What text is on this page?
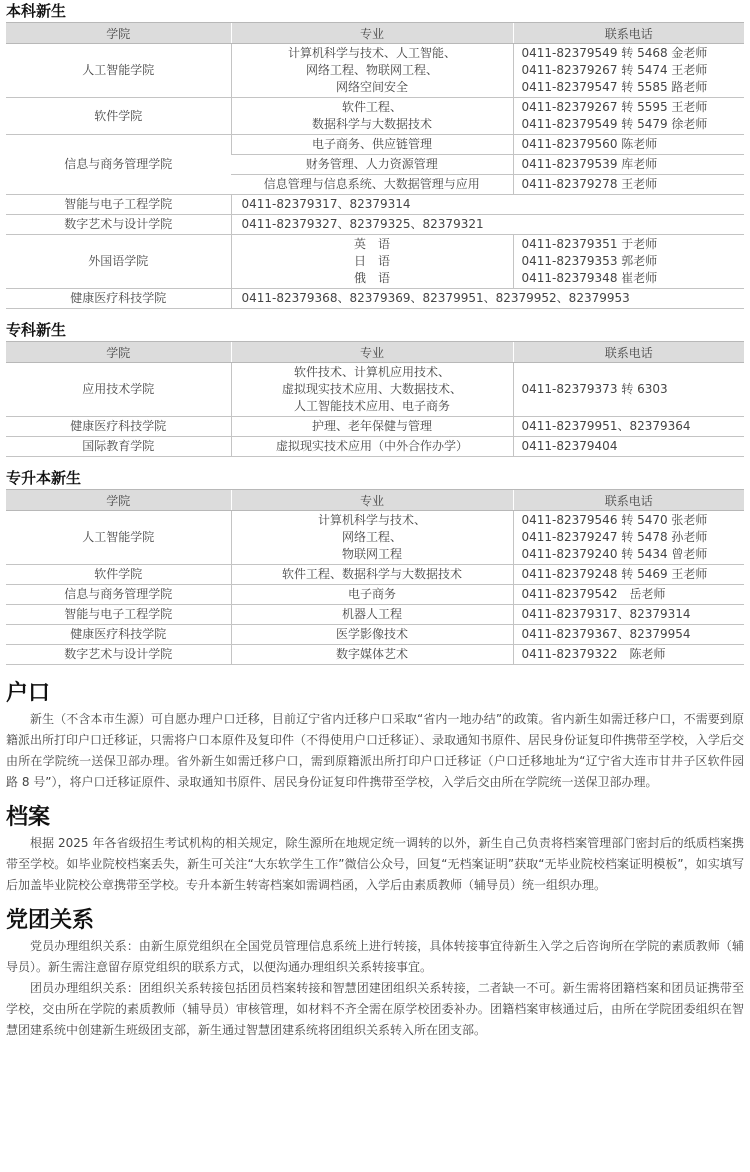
本科新生
学院	专业	联系电话
人工智能学院	计算机科学与技术、人工智能、
网络工程、物联网工程、
网络空间安全	0411-82379549 转 5468 金老师
0411-82379267 转 5474 王老师
0411-82379547 转 5585 路老师

软件学院	软件工程、
数据科学与大数据技术	0411-82379267 转 5595 王老师
0411-82379549 转 5479 徐老师

信息与商务管理学院	电子商务、供应链管理	0411-82379560 陈老师
	财务管理、人力资源管理	0411-82379539 库老师
	信息管理与信息系统、大数据管理与应用	0411-82379278 王老师
智能与电子工程学院	0411-82379317、82379314	
数字艺术与设计学院	0411-82379327、82379325、82379321	
外国语学院	英　语
日　语
俄　语	0411-82379351 于老师
0411-82379353 郭老师
0411-82379348 崔老师

健康医疗科技学院	0411-82379368、82379369、82379951、82379952、82379953	
专科新生
学院	专业	联系电话
应用技术学院	软件技术、计算机应用技术、
虚拟现实技术应用、大数据技术、
人工智能技术应用、电子商务	0411-82379373 转 6303
健康医疗科技学院	护理、老年保健与管理	0411-82379951、82379364
国际教育学院	虚拟现实技术应用（中外合作办学）	0411-82379404
专升本新生
学院	专业	联系电话
人工智能学院	计算机科学与技术、
网络工程、
物联网工程	0411-82379546 转 5470 张老师
0411-82379247 转 5478 孙老师
0411-82379240 转 5434 曾老师

软件学院	软件工程、数据科学与大数据技术	0411-82379248 转 5469 王老师
信息与商务管理学院	电子商务	0411-82379542　岳老师
智能与电子工程学院	机器人工程	0411-82379317、82379314
健康医疗科技学院	医学影像技术	0411-82379367、82379954
数字艺术与设计学院	数字媒体艺术	0411-82379322　陈老师
户口

新生（不含本市生源）可自愿办理户口迁移，目前辽宁省内迁移户口采取“省内一地办结”的政策。省内新生如需迁移户口，不需要到原籍派出所打印户口迁移证，只需将户口本原件及复印件（不得使用户口迁移证）、录取通知书原件、居民身份证复印件携带至学校，入学后交由所在学院统一送保卫部办理。省外新生如需迁移户口，需到原籍派出所打印户口迁移证（户口迁移地址为“辽宁省大连市甘井子区软件园路 8 号”），将户口迁移证原件、录取通知书原件、居民身份证复印件携带至学校，入学后交由所在学院统一送保卫部办理。

档案

根据 2025 年各省级招生考试机构的相关规定，除生源所在地规定统一调转的以外，新生自己负责将档案管理部门密封后的纸质档案携带至学校。如毕业院校档案丢失，新生可关注“大东软学生工作”微信公众号，回复“无档案证明”获取“无毕业院校档案证明模板”，如实填写后加盖毕业院校公章携带至学校。专升本新生转寄档案如需调档函，入学后由素质教师（辅导员）统一组织办理。

党团关系

党员办理组织关系：由新生原党组织在全国党员管理信息系统上进行转接，具体转接事宜待新生入学之后咨询所在学院的素质教师（辅导员）。新生需注意留存原党组织的联系方式，以便沟通办理组织关系转接事宜。

团员办理组织关系：团组织关系转接包括团员档案转接和智慧团建团组织关系转接，二者缺一不可。新生需将团籍档案和团员证携带至学校，交由所在学院的素质教师（辅导员）审核管理，如材料不齐全需在原学校团委补办。团籍档案审核通过后，由所在学院团委组织在智慧团建系统中创建新生班级团支部，新生通过智慧团建系统将团组织关系转入所在团支部。
